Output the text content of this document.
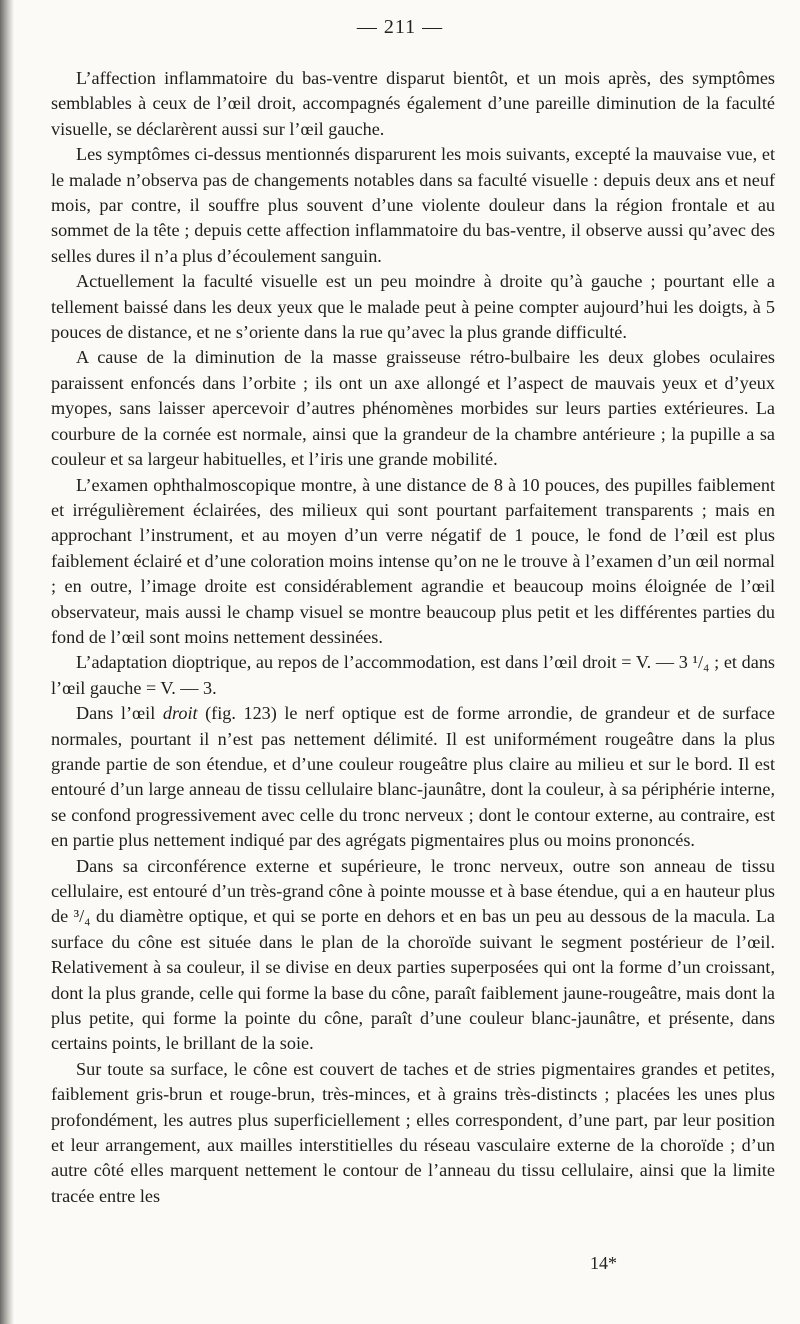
— 211 —

L’affection inflammatoire du bas-ventre disparut bientôt, et un mois après, des symptômes semblables à ceux de l’œil droit, accompagnés également d’une pareille diminution de la faculté visuelle, se déclarèrent aussi sur l’œil gauche.

Les symptômes ci-dessus mentionnés disparurent les mois suivants, excepté la mauvaise vue, et le malade n’observa pas de changements notables dans sa faculté visuelle : depuis deux ans et neuf mois, par contre, il souffre plus souvent d’une violente douleur dans la région frontale et au sommet de la tête ; depuis cette affection inflammatoire du bas-ventre, il observe aussi qu’avec des selles dures il n’a plus d’écoulement sanguin.

Actuellement la faculté visuelle est un peu moindre à droite qu’à gauche ; pourtant elle a tellement baissé dans les deux yeux que le malade peut à peine compter aujourd’hui les doigts, à 5 pouces de distance, et ne s’oriente dans la rue qu’avec la plus grande difficulté.

A cause de la diminution de la masse graisseuse rétro-bulbaire les deux globes oculaires paraissent enfoncés dans l’orbite ; ils ont un axe allongé et l’aspect de mauvais yeux et d’yeux myopes, sans laisser apercevoir d’autres phénomènes morbides sur leurs parties extérieures. La courbure de la cornée est normale, ainsi que la grandeur de la chambre antérieure ; la pupille a sa couleur et sa largeur habituelles, et l’iris une grande mobilité.

L’examen ophthalmoscopique montre, à une distance de 8 à 10 pouces, des pupilles faiblement et irrégulièrement éclairées, des milieux qui sont pourtant parfaitement transparents ; mais en approchant l’instrument, et au moyen d’un verre négatif de 1 pouce, le fond de l’œil est plus faiblement éclairé et d’une coloration moins intense qu’on ne le trouve à l’examen d’un œil normal ; en outre, l’image droite est considérablement agrandie et beaucoup moins éloignée de l’œil observateur, mais aussi le champ visuel se montre beaucoup plus petit et les différentes parties du fond de l’œil sont moins nettement dessinées.

L’adaptation dioptrique, au repos de l’accommodation, est dans l’œil droit = V. — 3 ¹/₄ ; et dans l’œil gauche = V. — 3.

Dans l’œil droit (fig. 123) le nerf optique est de forme arrondie, de grandeur et de surface normales, pourtant il n’est pas nettement délimité. Il est uniformément rougeâtre dans la plus grande partie de son étendue, et d’une couleur rougeâtre plus claire au milieu et sur le bord. Il est entouré d’un large anneau de tissu cellulaire blanc-jaunâtre, dont la couleur, à sa périphérie interne, se confond progressivement avec celle du tronc nerveux ; dont le contour externe, au contraire, est en partie plus nettement indiqué par des agrégats pigmentaires plus ou moins prononcés.

Dans sa circonférence externe et supérieure, le tronc nerveux, outre son anneau de tissu cellulaire, est entouré d’un très-grand cône à pointe mousse et à base étendue, qui a en hauteur plus de ³/₄ du diamètre optique, et qui se porte en dehors et en bas un peu au dessous de la macula. La surface du cône est située dans le plan de la choroïde suivant le segment postérieur de l’œil. Relativement à sa couleur, il se divise en deux parties superposées qui ont la forme d’un croissant, dont la plus grande, celle qui forme la base du cône, paraît faiblement jaune-rougeâtre, mais dont la plus petite, qui forme la pointe du cône, paraît d’une couleur blanc-jaunâtre, et présente, dans certains points, le brillant de la soie.

Sur toute sa surface, le cône est couvert de taches et de stries pigmentaires grandes et petites, faiblement gris-brun et rouge-brun, très-minces, et à grains très-distincts ; placées les unes plus profondément, les autres plus superficiellement ; elles correspondent, d’une part, par leur position et leur arrangement, aux mailles interstitielles du réseau vasculaire externe de la choroïde ; d’un autre côté elles marquent nettement le contour de l’anneau du tissu cellulaire, ainsi que la limite tracée entre les

14*
